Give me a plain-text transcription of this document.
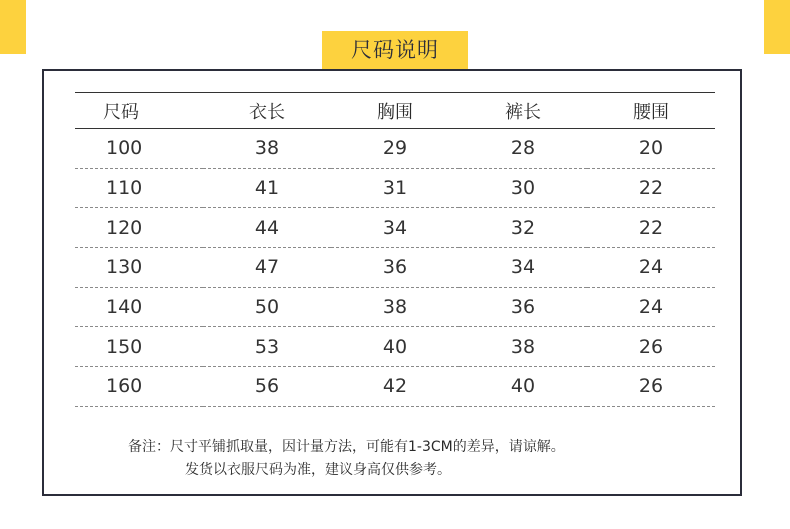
尺码说明
尺码	衣长	胸围	裤长	腰围
100	38	29	28	20
110	41	31	30	22
120	44	34	32	22
130	47	36	34	24
140	50	38	36	24
150	53	40	38	26
160	56	42	40	26
备注：尺寸平铺抓取量，因计量方法，可能有1-3CM的差异，请谅解。
发货以衣服尺码为准，建议身高仅供参考。
